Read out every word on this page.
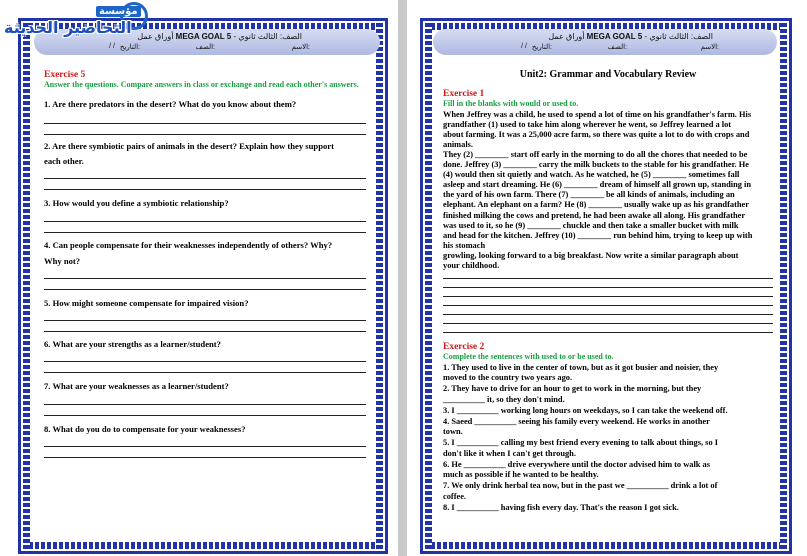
أوراق عمل MEGA GOAL 5 - الصف: الثالث ثانوي
الاسم:
الصف:
التاريخ:
/ /
مؤسسة
التحاضير الحديثة
Exercise 5
Answer the questions. Compare answers in class or exchange and read each other's answers.
1. Are there predators in the desert? What do you know about them?
2. Are there symbiotic pairs of animals in the desert? Explain how they support
each other.
3. How would you define a symbiotic relationship?
4. Can people compensate for their weaknesses independently of others? Why?
Why not?
5. How might someone compensate for impaired vision?
6. What are your strengths as a learner/student?
7. What are your weaknesses as a learner/student?
8. What do you do to compensate for your weaknesses?
أوراق عمل MEGA GOAL 5 - الصف: الثالث ثانوي
الاسم:
الصف:
التاريخ:
/ /
Unit2: Grammar and Vocabulary Review
Exercise 1
Fill in the blanks with would or used to.
When Jeffrey was a child, he used to spend a lot of time on his grandfather's farm. His
grandfather (1) used to take him along wherever he went, so Jeffrey learned a lot
about farming. It was a 25,000 acre farm, so there was quite a lot to do with crops and
animals.
They (2) ________ start off early in the morning to do all the chores that needed to be
done. Jeffrey (3) ________ carry the milk buckets to the stable for his grandfather. He
(4) would then sit quietly and watch. As he watched, he (5) ________ sometimes fall
asleep and start dreaming. He (6) ________ dream of himself all grown up, standing in
the yard of his own farm. There (7) ________ be all kinds of animals, including an
elephant. An elephant on a farm? He (8) ________ usually wake up as his grandfather
finished milking the cows and pretend, he had been awake all along. His grandfather
was used to it, so he (9) ________ chuckle and then take a smaller bucket with milk
and head for the kitchen. Jeffrey (10) ________ run behind him, trying to keep up with
his stomach
growling, looking forward to a big breakfast. Now write a similar paragraph about
your childhood.
Exercise 2
Complete the sentences with used to or be used to.
1. They used to live in the center of town, but as it got busier and noisier, they
moved to the country two years ago.
2. They have to drive for an hour to get to work in the morning, but they
__________ it, so they don't mind.
3. I __________ working long hours on weekdays, so I can take the weekend off.
4. Saeed __________ seeing his family every weekend. He works in another
town.
5. I __________ calling my best friend every evening to talk about things, so I
don't like it when I can't get through.
6. He __________ drive everywhere until the doctor advised him to walk as
much as possible if he wanted to be healthy.
7. We only drink herbal tea now, but in the past we __________ drink a lot of
coffee.
8. I __________ having fish every day. That's the reason I got sick.
